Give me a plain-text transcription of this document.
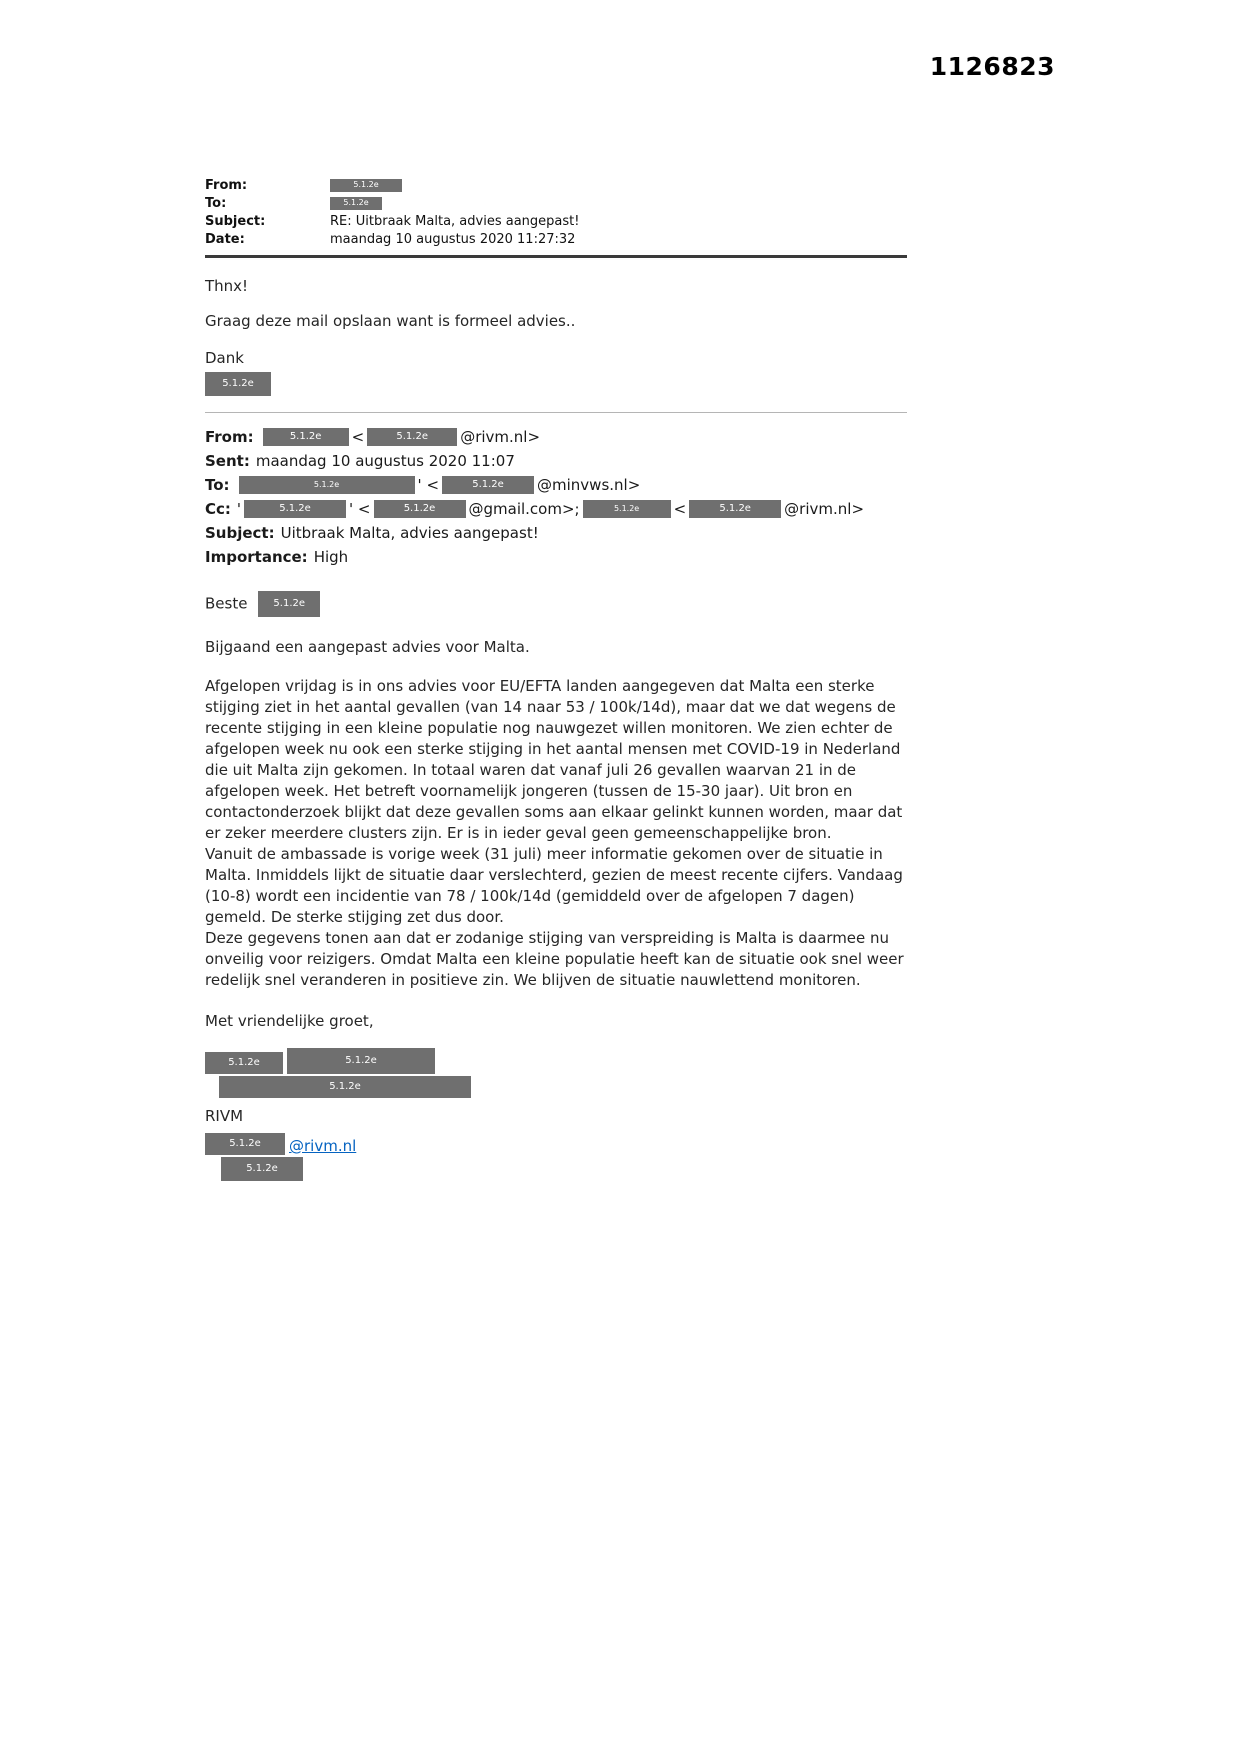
1126823
From:	5.1.2e
To:	5.1.2e
Subject:	RE: Uitbraak Malta, advies aangepast!
Date:	maandag 10 augustus 2020 11:27:32
Thnx!
Graag deze mail opslaan want is formeel advies..
Dank
5.1.2e
From:	5.1.2e	<	5.1.2e	@rivm.nl>
Sent: maandag 10 augustus 2020 11:07
To:	5.1.2e	' <	5.1.2e	@minvws.nl>
Cc: '	5.1.2e	' <	5.1.2e	@gmail.com>;	5.1.2e	<	5.1.2e	@rivm.nl>
Subject: Uitbraak Malta, advies aangepast!
Importance: High
Beste	5.1.2e
Bijgaand een aangepast advies voor Malta.

Afgelopen vrijdag is in ons advies voor EU/EFTA landen aangegeven dat Malta een sterke stijging ziet in het aantal gevallen (van 14 naar 53 / 100k/14d), maar dat we dat wegens de recente stijging in een kleine populatie nog nauwgezet willen monitoren. We zien echter de afgelopen week nu ook een sterke stijging in het aantal mensen met COVID-19 in Nederland die uit Malta zijn gekomen. In totaal waren dat vanaf juli 26 gevallen waarvan 21 in de afgelopen week. Het betreft voornamelijk jongeren (tussen de 15-30 jaar). Uit bron en contactonderzoek blijkt dat deze gevallen soms aan elkaar gelinkt kunnen worden, maar dat er zeker meerdere clusters zijn. Er is in ieder geval geen gemeenschappelijke bron.

Vanuit de ambassade is vorige week (31 juli) meer informatie gekomen over de situatie in Malta. Inmiddels lijkt de situatie daar verslechterd, gezien de meest recente cijfers. Vandaag (10-8) wordt een incidentie van 78 / 100k/14d (gemiddeld over de afgelopen 7 dagen) gemeld. De sterke stijging zet dus door.

Deze gegevens tonen aan dat er zodanige stijging van verspreiding is Malta is daarmee nu onveilig voor reizigers. Omdat Malta een kleine populatie heeft kan de situatie ook snel weer redelijk snel veranderen in positieve zin. We blijven de situatie nauwlettend monitoren.

Met vriendelijke groet,
5.1.2e	5.1.2e
5.1.2e
RIVM
5.1.2e	@rivm.nl
5.1.2e
